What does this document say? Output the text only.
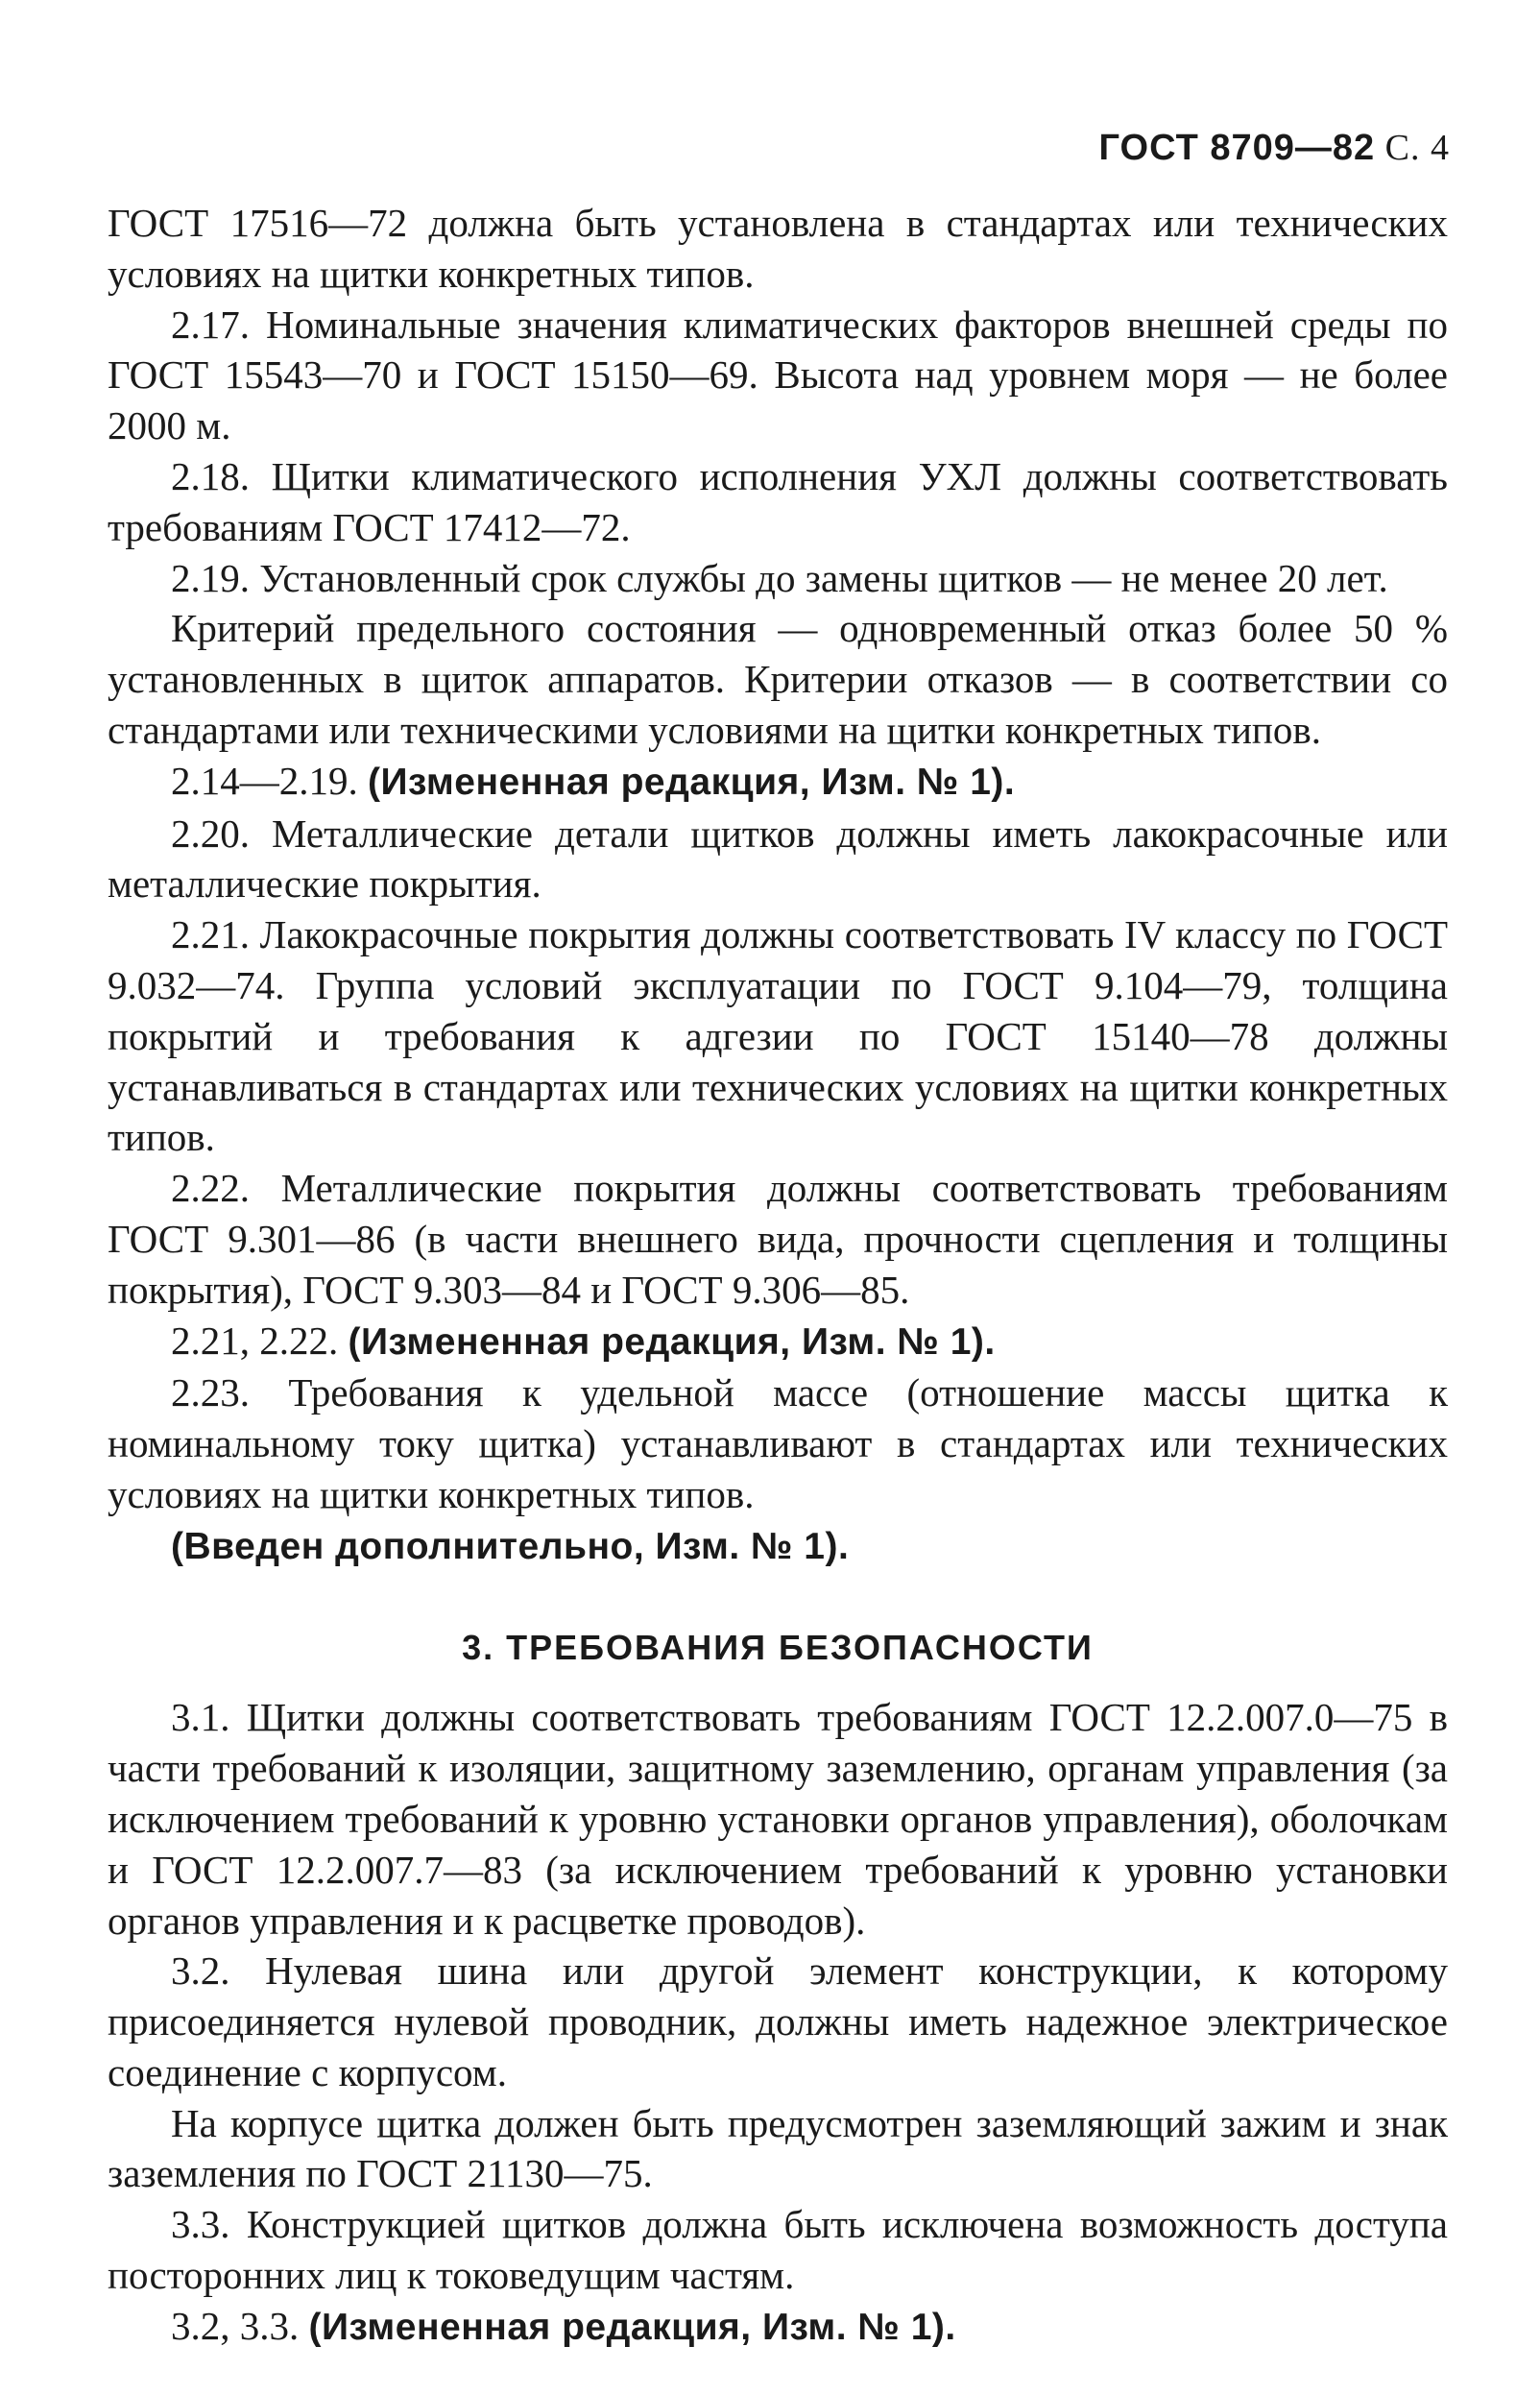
ГОСТ 8709—82 С. 4

ГОСТ 17516—72 должна быть установлена в стандартах или технических условиях на щитки конкретных типов.

2.17. Номинальные значения климатических факторов внешней среды по ГОСТ 15543—70 и ГОСТ 15150—69. Высота над уровнем моря — не более 2000 м.

2.18. Щитки климатического исполнения УХЛ должны соответствовать требованиям ГОСТ 17412—72.

2.19. Установленный срок службы до замены щитков — не менее 20 лет.

Критерий предельного состояния — одновременный отказ более 50 % установленных в щиток аппаратов. Критерии отказов — в соответствии со стандартами или техническими условиями на щитки конкретных типов.

2.14—2.19. (Измененная редакция, Изм. № 1).

2.20. Металлические детали щитков должны иметь лакокрасочные или металлические покрытия.

2.21. Лакокрасочные покрытия должны соответствовать IV классу по ГОСТ 9.032—74. Группа условий эксплуатации по ГОСТ 9.104—79, толщина покрытий и требования к адгезии по ГОСТ 15140—78 должны устанавливаться в стандартах или технических условиях на щитки конкретных типов.

2.22. Металлические покрытия должны соответствовать требованиям ГОСТ 9.301—86 (в части внешнего вида, прочности сцепления и толщины покрытия), ГОСТ 9.303—84 и ГОСТ 9.306—85.

2.21, 2.22. (Измененная редакция, Изм. № 1).

2.23. Требования к удельной массе (отношение массы щитка к номинальному току щитка) устанавливают в стандартах или технических условиях на щитки конкретных типов.

(Введен дополнительно, Изм. № 1).

3. ТРЕБОВАНИЯ БЕЗОПАСНОСТИ

3.1. Щитки должны соответствовать требованиям ГОСТ 12.2.007.0—75 в части требований к изоляции, защитному заземлению, органам управления (за исключением требований к уровню установки органов управления), оболочкам и ГОСТ 12.2.007.7—83 (за исключением требований к уровню установки органов управления и к расцветке проводов).

3.2. Нулевая шина или другой элемент конструкции, к которому присоединяется нулевой проводник, должны иметь надежное электрическое соединение с корпусом.

На корпусе щитка должен быть предусмотрен заземляющий зажим и знак заземления по ГОСТ 21130—75.

3.3. Конструкцией щитков должна быть исключена возможность доступа посторонних лиц к токоведущим частям.

3.2, 3.3. (Измененная редакция, Изм. № 1).
